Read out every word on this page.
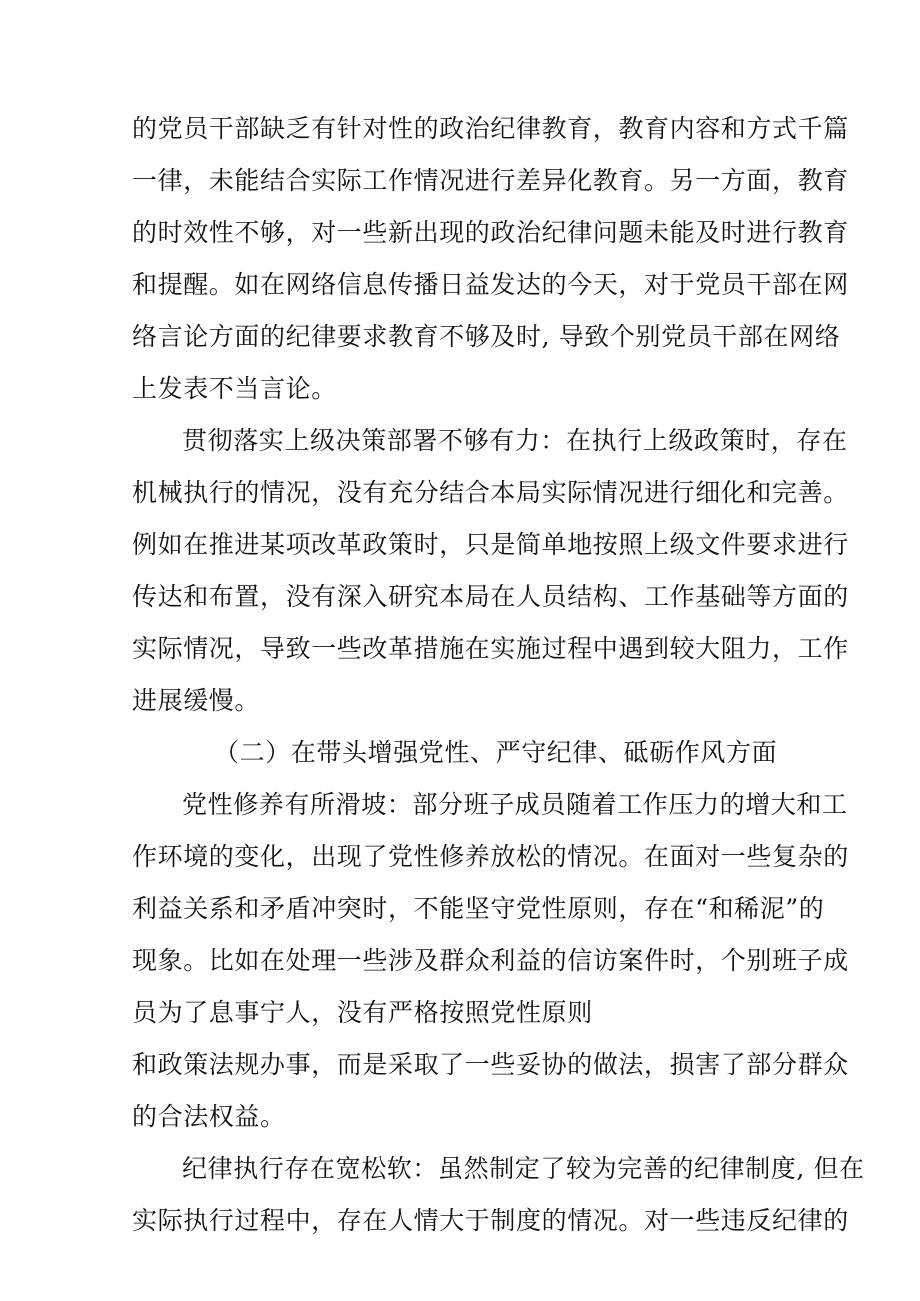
的党员干部缺乏有针对性的政治纪律教育，教育内容和方式千篇
一律，未能结合实际工作情况进行差异化教育。另一方面，教育
的时效性不够，对一些新出现的政治纪律问题未能及时进行教育
和提醒。如在网络信息传播日益发达的今天，对于党员干部在网
络言论方面的纪律要求教育不够及时, 导致个别党员干部在网络
上发表不当言论。
贯彻落实上级决策部署不够有力：在执行上级政策时，存在
机械执行的情况，没有充分结合本局实际情况进行细化和完善。
例如在推进某项改革政策时，只是简单地按照上级文件要求进行
传达和布置，没有深入研究本局在人员结构、工作基础等方面的
实际情况，导致一些改革措施在实施过程中遇到较大阻力，工作
进展缓慢。
（二）在带头增强党性、严守纪律、砥砺作风方面
党性修养有所滑坡：部分班子成员随着工作压力的增大和工
作环境的变化，出现了党性修养放松的情况。在面对一些复杂的
利益关系和矛盾冲突时，不能坚守党性原则，存在“和稀泥”的
现象。比如在处理一些涉及群众利益的信访案件时，个别班子成
员为了息事宁人，没有严格按照党性原则
和政策法规办事，而是采取了一些妥协的做法，损害了部分群众
的合法权益。
纪律执行存在宽松软：虽然制定了较为完善的纪律制度, 但在
实际执行过程中，存在人情大于制度的情况。对一些违反纪律的
